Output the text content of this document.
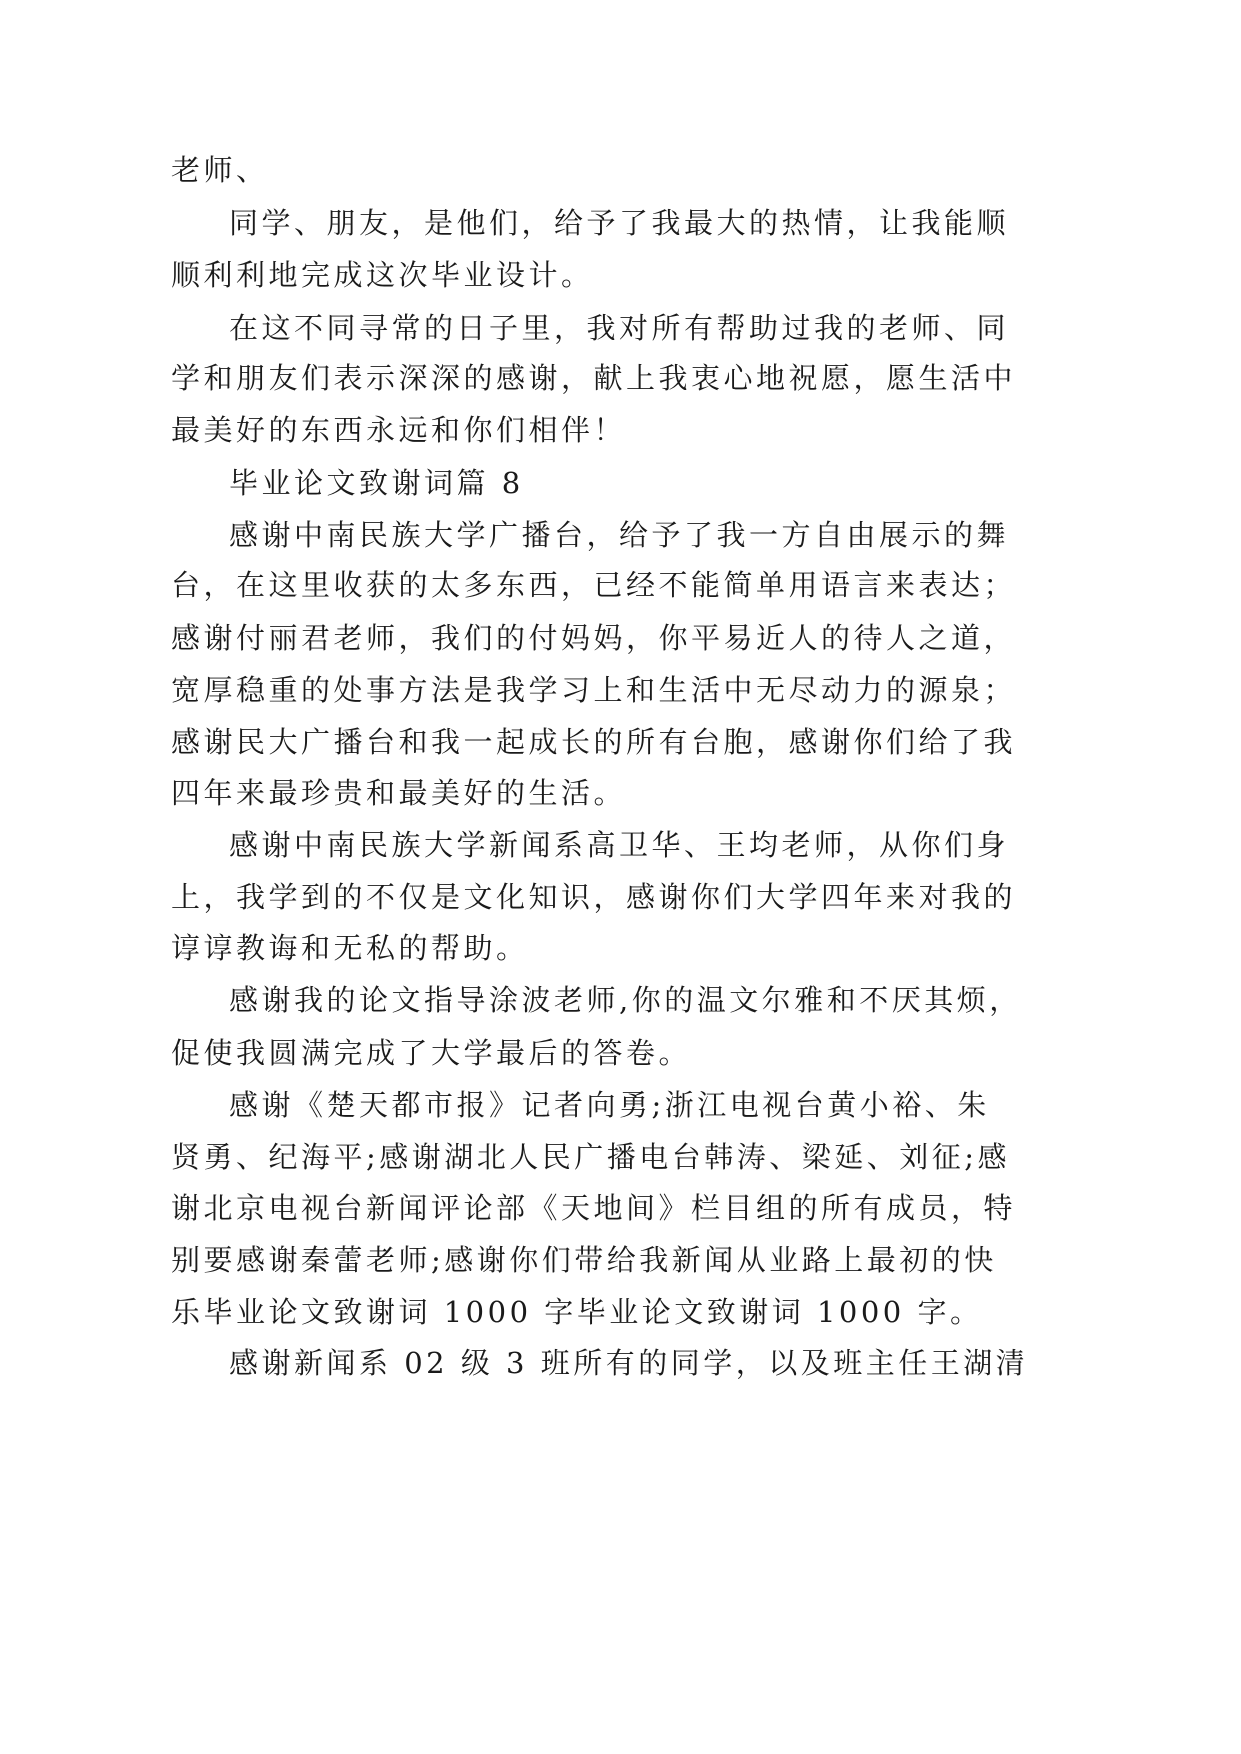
老师、
同学、朋友，是他们，给予了我最大的热情，让我能顺
顺利利地完成这次毕业设计。
在这不同寻常的日子里，我对所有帮助过我的老师、同
学和朋友们表示深深的感谢，献上我衷心地祝愿，愿生活中
最美好的东西永远和你们相伴！
毕业论文致谢词篇 8
感谢中南民族大学广播台，给予了我一方自由展示的舞
台，在这里收获的太多东西，已经不能简单用语言来表达；
感谢付丽君老师，我们的付妈妈，你平易近人的待人之道，
宽厚稳重的处事方法是我学习上和生活中无尽动力的源泉；
感谢民大广播台和我一起成长的所有台胞，感谢你们给了我
四年来最珍贵和最美好的生活。
感谢中南民族大学新闻系高卫华、王均老师，从你们身
上，我学到的不仅是文化知识，感谢你们大学四年来对我的
谆谆教诲和无私的帮助。
感谢我的论文指导涂波老师,你的温文尔雅和不厌其烦，
促使我圆满完成了大学最后的答卷。
感谢《楚天都市报》记者向勇;浙江电视台黄小裕、朱
贤勇、纪海平;感谢湖北人民广播电台韩涛、梁延、刘征;感
谢北京电视台新闻评论部《天地间》栏目组的所有成员，特
别要感谢秦蕾老师;感谢你们带给我新闻从业路上最初的快
乐毕业论文致谢词 1000 字毕业论文致谢词 1000 字。
感谢新闻系 02 级 3 班所有的同学，以及班主任王湖清
